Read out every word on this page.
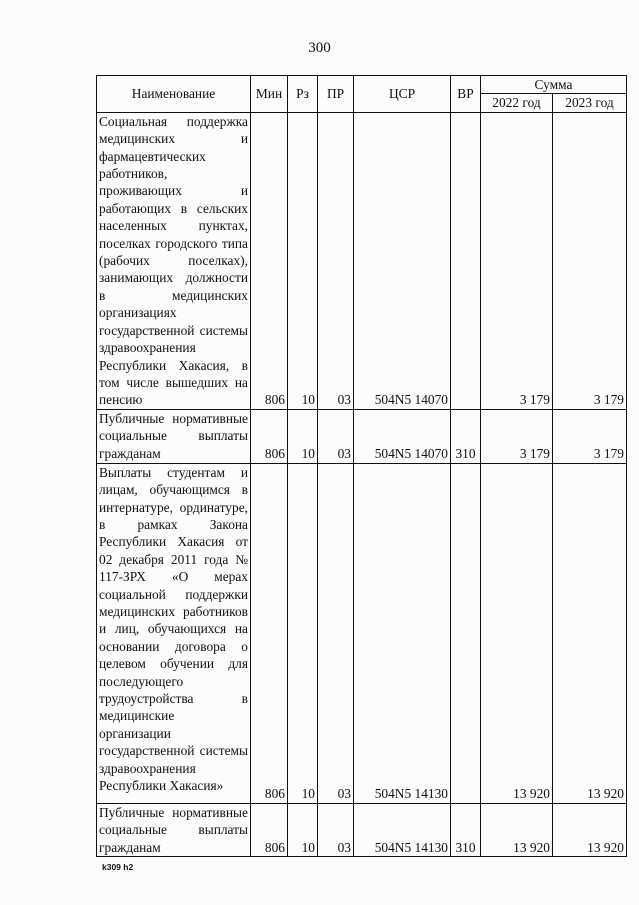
300
Наименование	Мин	Рз	ПР	ЦСР	ВР	Сумма	
						2022 год	2023 год
Социальная поддержка медицинских и фармацевтических работников, проживающих и работающих в сельских населенных пунктах, поселках городского типа (рабочих поселках), занимающих должности в медицинских организациях государственной системы здравоохранения Республики Хакасия, в том числе вышедших на пенсию	806	10	03	504N5 14070		3 179	3 179
Публичные нормативные социальные выплаты гражданам	806	10	03	504N5 14070	310	3 179	3 179
Выплаты студентам и лицам, обучающимся в интернатуре, ординатуре, в рамках Закона Республики Хакасия от 02 декабря 2011 года № 117-ЗРХ «О мерах социальной поддержки медицинских работников и лиц, обучающихся на основании договора о целевом обучении для последующего трудоустройства в медицинские организации государственной системы здравоохранения Республики Хакасия»	806	10	03	504N5 14130		13 920	13 920
Публичные нормативные социальные выплаты гражданам	806	10	03	504N5 14130	310	13 920	13 920
k309 h2
